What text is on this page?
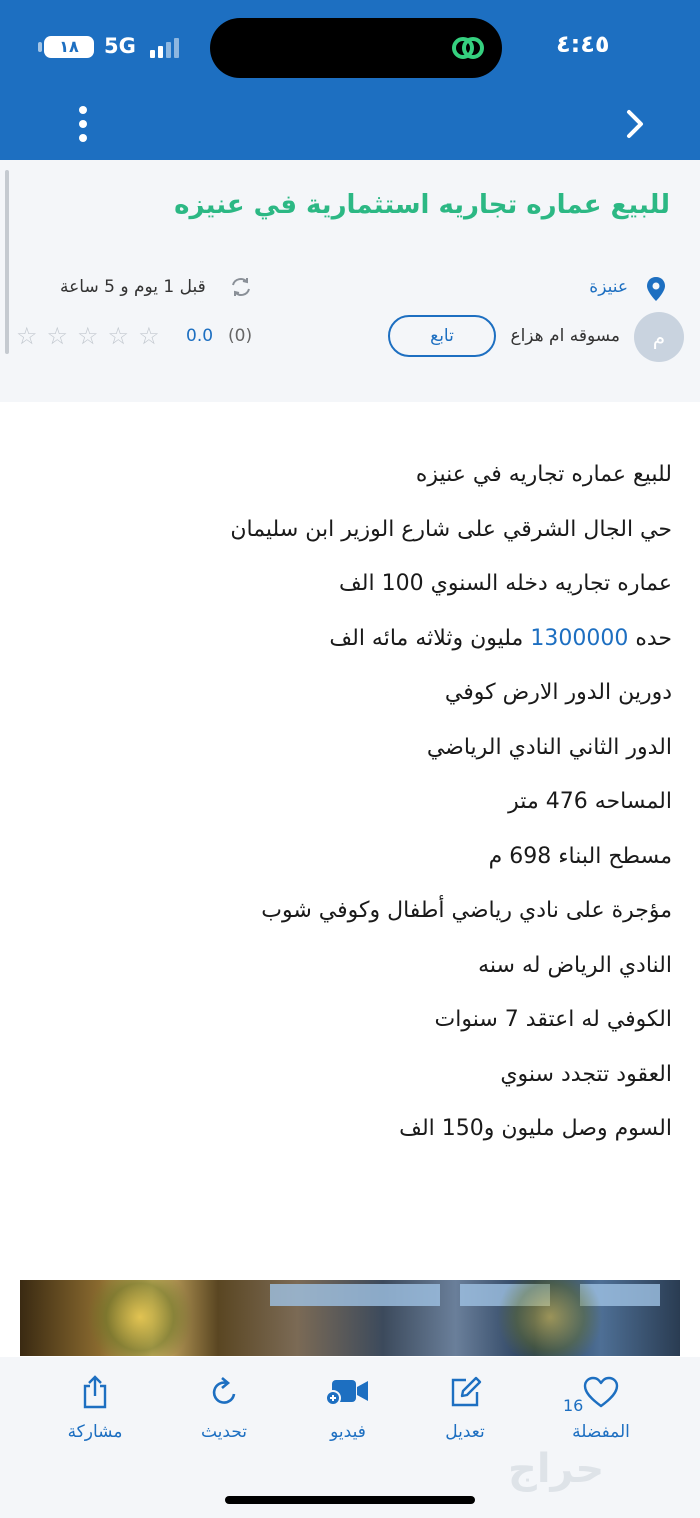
١٨	5G	٤:٤٥
للبيع عماره تجاريه استثمارية في عنيزه
عنيزة
قبل 1 يوم و 5 ساعة
م
مسوقه ام هزاع
تابع
(0)
0.0
☆☆☆☆☆
للبيع عماره تجاريه في عنيزه
حي الجال الشرقي على شارع الوزير ابن سليمان
عماره تجاريه دخله السنوي 100 الف
حده 1300000 مليون وثلاثه مائه الف
دورين الدور الارض كوفي
الدور الثاني النادي الرياضي
المساحه 476 متر
مسطح البناء 698 م
مؤجرة على نادي رياضي أطفال وكوفي شوب
النادي الرياض له سنه
الكوفي له اعتقد 7 سنوات
العقود تتجدد سنوي
السوم وصل مليون و150 الف
مشاركة	تحديث	فيديو	تعديل	المفضلة
16
حراج
